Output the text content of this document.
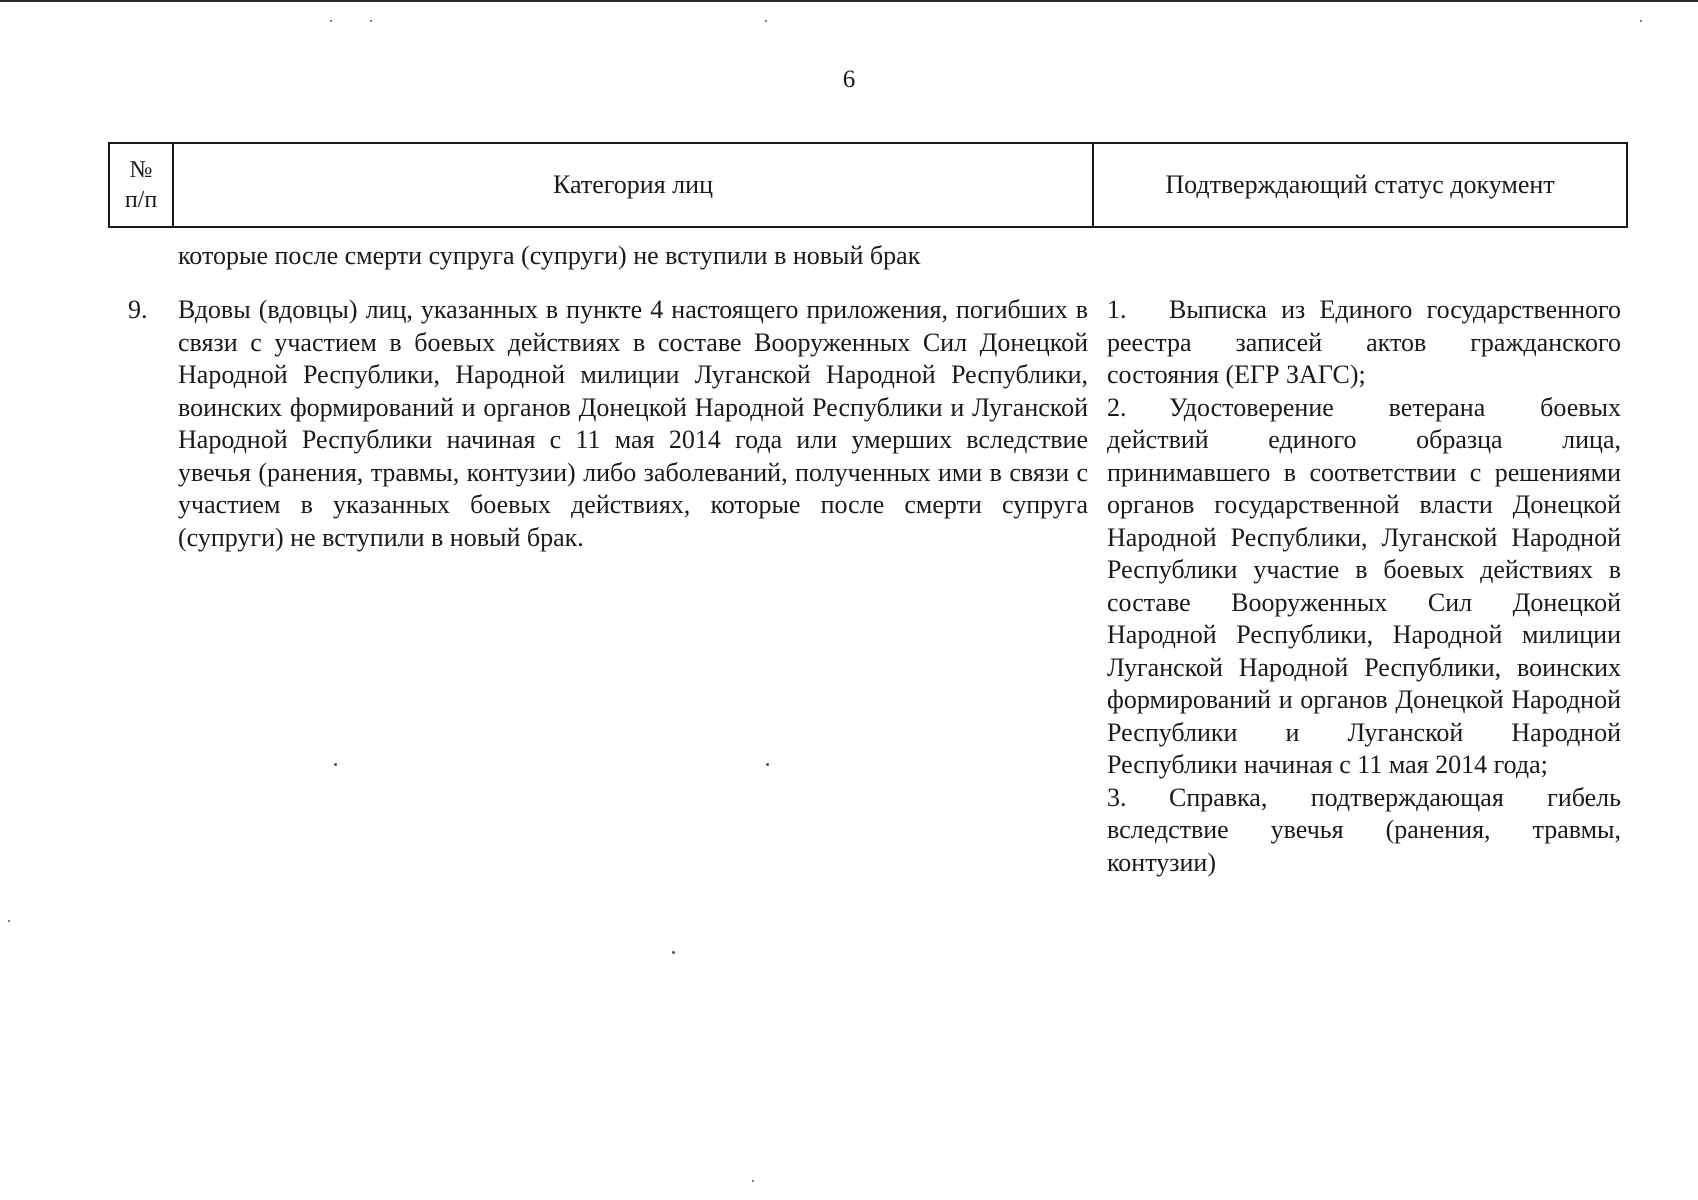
6
№
п/п
Категория лиц	Подтверждающий статус документ
которые после смерти супруга (супруги) не вступили в новый брак
9. Вдовы (вдовцы) лиц, указанных в пункте 4 настоящего приложения, погибших в связи с участием в боевых действиях в составе Вооруженных Сил Донецкой Народной Республики, Народной милиции Луганской Народной Республики, воинских формирований и органов Донецкой Народной Республики и Луганской Народной Республики начиная с 11 мая 2014 года или умерших вследствие увечья (ранения, травмы, контузии) либо заболеваний, полученных ими в связи с участием в указанных боевых действиях, которые после смерти супруга (супруги) не вступили в новый брак.
1. Выписка из Единого государственного реестра записей актов гражданского состояния (ЕГР ЗАГС);
2. Удостоверение ветерана боевых действий единого образца лица, принимавшего в соответствии с решениями органов государственной власти Донецкой Народной Республики, Луганской Народной Республики участие в боевых действиях в составе Вооруженных Сил Донецкой Народной Республики, Народной милиции Луганской Народной Республики, воинских формирований и органов Донецкой Народной Республики и Луганской Народной Республики начиная с 11 мая 2014 года;
3. Справка, подтверждающая гибель вследствие увечья (ранения, травмы, контузии)
